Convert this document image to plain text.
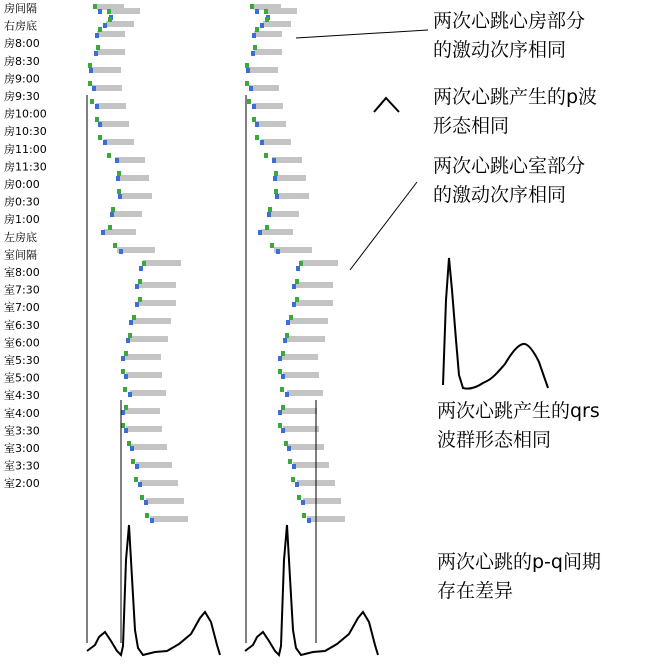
房间隔
右房底
房8:00
房8:30
房9:00
房9:30
房10:00
房10:30
房11:00
房11:30
房0:00
房0:30
房1:00
左房底
室间隔
室8:00
室7:30
室7:00
室6:30
室6:00
室5:30
室5:00
室4:30
室4:00
室3:30
室3:00
室3:30
室2:00
两次心跳心房部分
的激动次序相同
两次心跳产生的p波
形态相同
两次心跳心室部分
的激动次序相同
两次心跳产生的qrs
波群形态相同
两次心跳的p-q间期
存在差异
